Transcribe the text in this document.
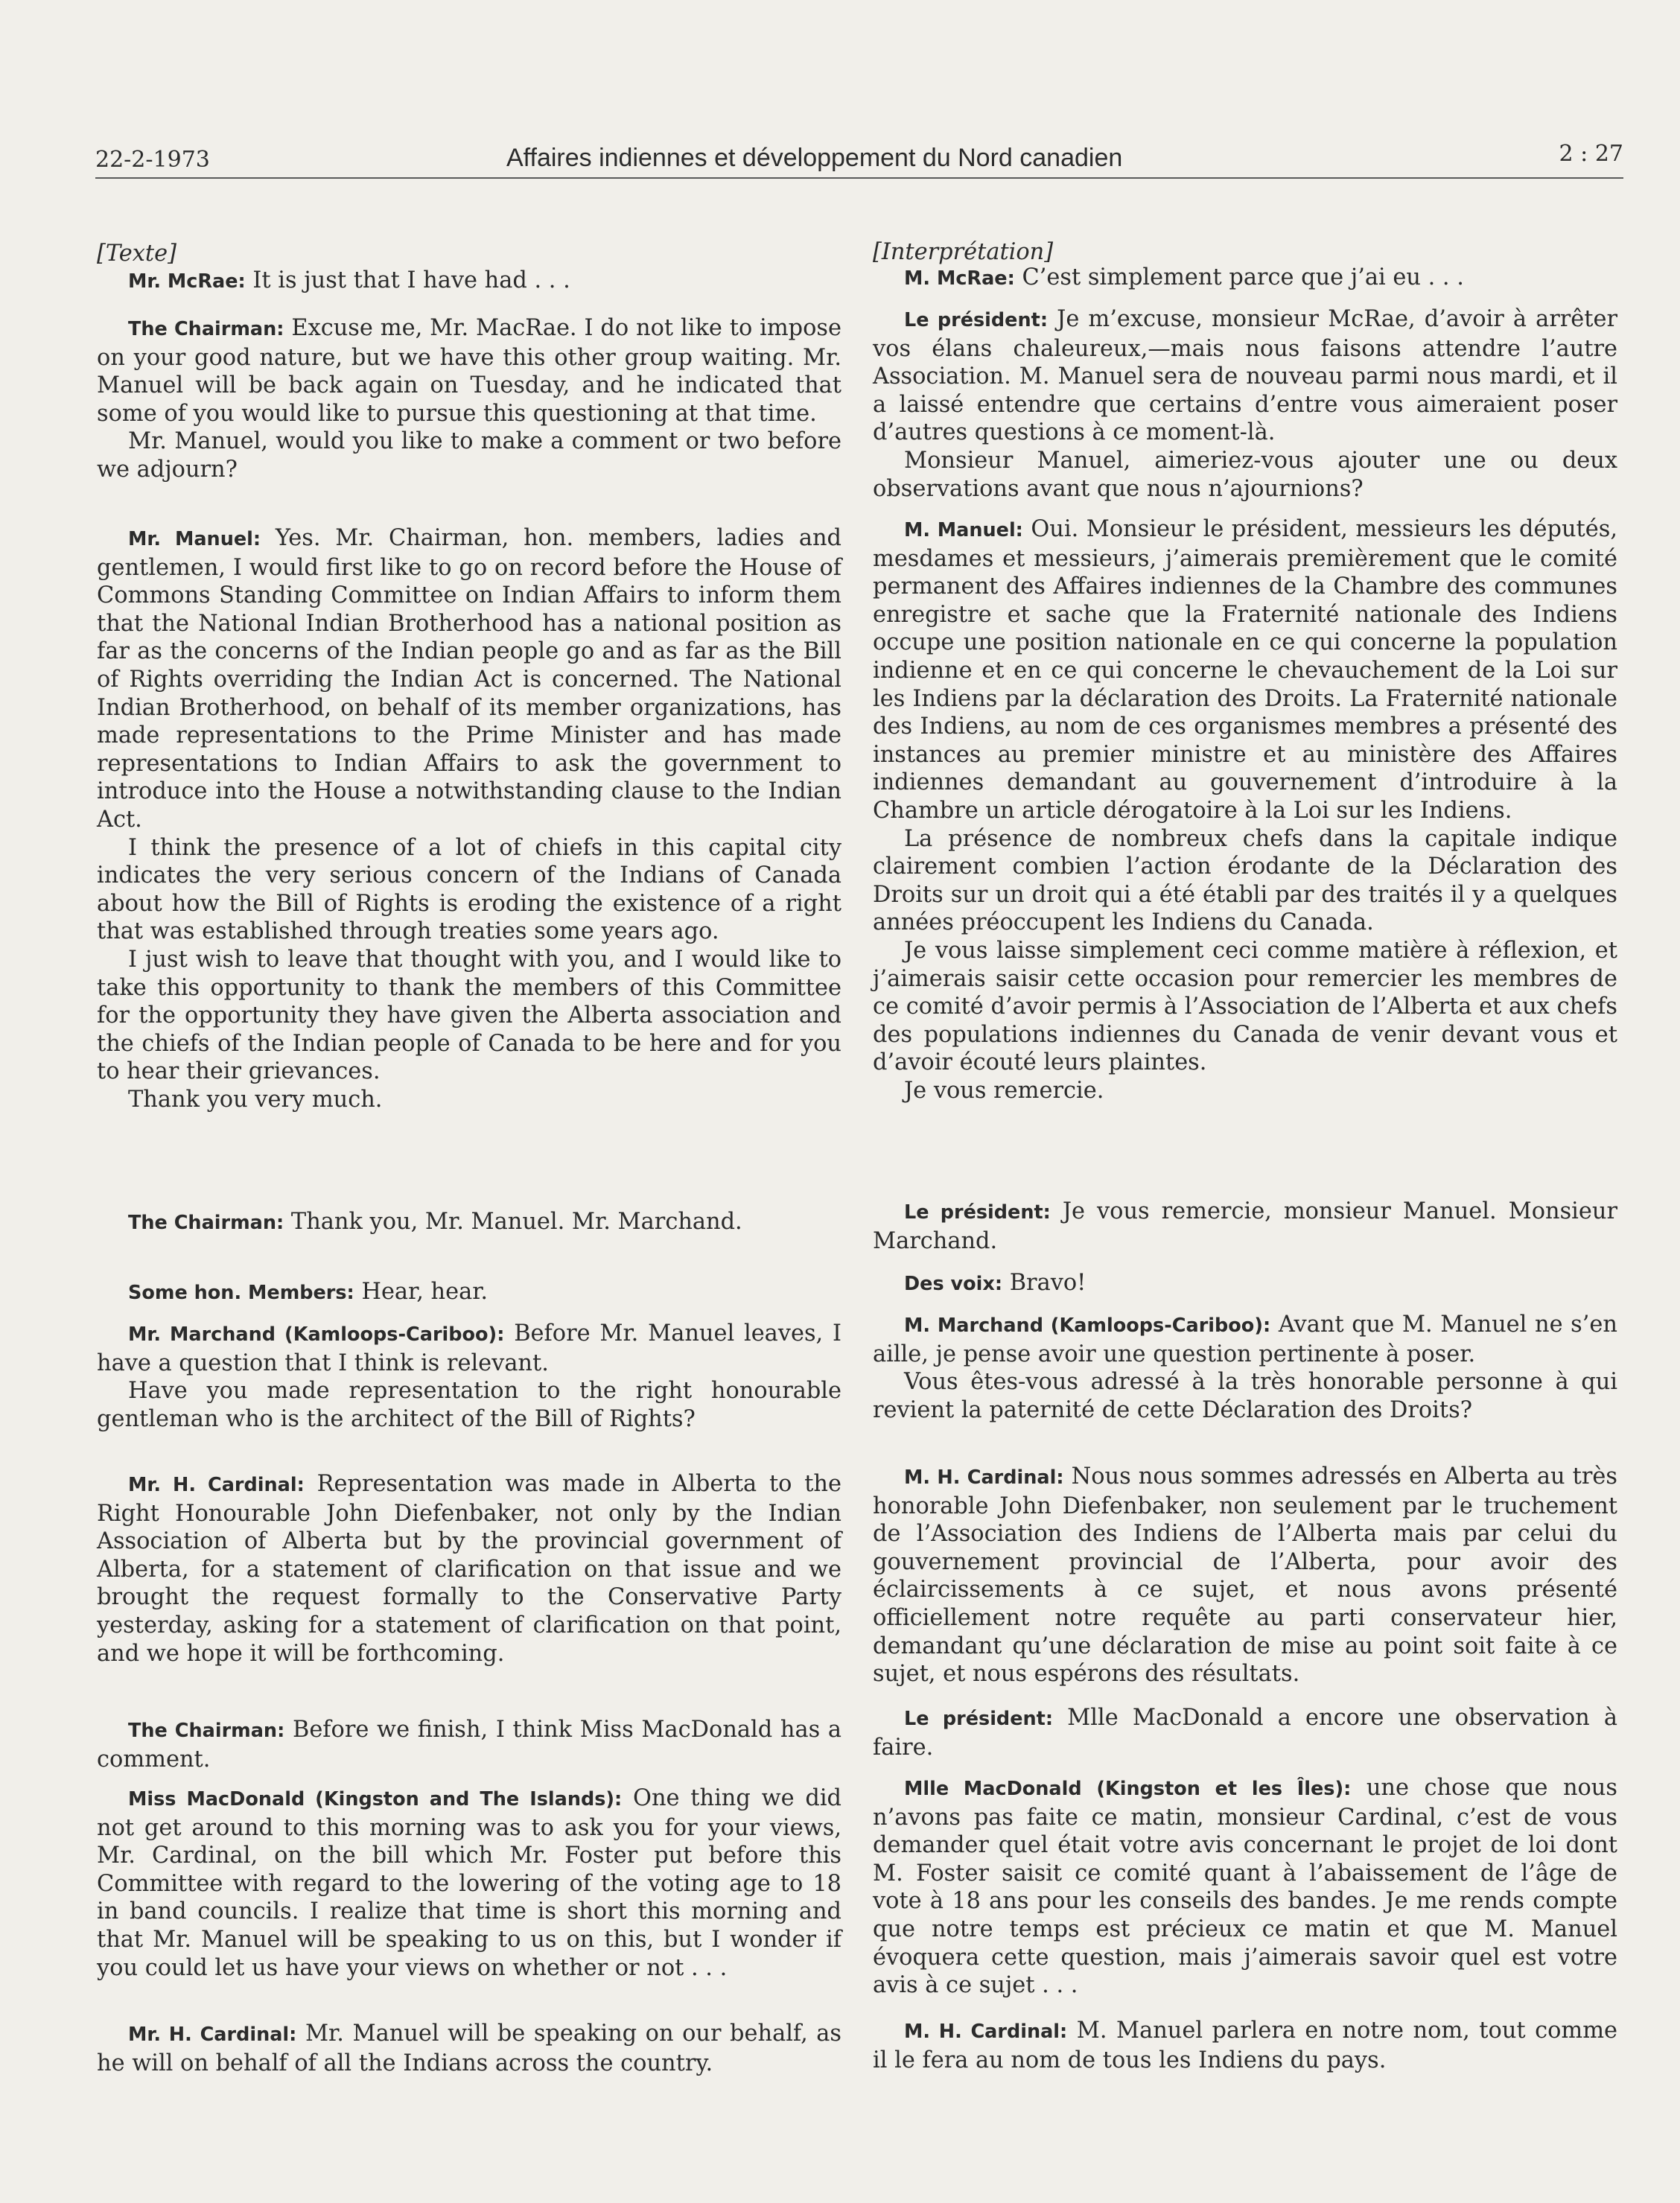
22-2-1973	Affaires indiennes et développement du Nord canadien	2 : 27

[Texte]

Mr. McRae: It is just that I have had . . .

The Chairman: Excuse me, Mr. MacRae. I do not like to impose on your good nature, but we have this other group waiting. Mr. Manuel will be back again on Tuesday, and he indicated that some of you would like to pursue this questioning at that time.

Mr. Manuel, would you like to make a comment or two before we adjourn?

Mr. Manuel: Yes. Mr. Chairman, hon. members, ladies and gentlemen, I would first like to go on record before the House of Commons Standing Committee on Indian Affairs to inform them that the National Indian Brotherhood has a national position as far as the concerns of the Indian people go and as far as the Bill of Rights overriding the Indian Act is concerned. The National Indian Brotherhood, on behalf of its member organizations, has made representations to the Prime Minister and has made representations to Indian Affairs to ask the government to introduce into the House a notwithstanding clause to the Indian Act.

I think the presence of a lot of chiefs in this capital city indicates the very serious concern of the Indians of Canada about how the Bill of Rights is eroding the existence of a right that was established through treaties some years ago.

I just wish to leave that thought with you, and I would like to take this opportunity to thank the members of this Committee for the opportunity they have given the Alberta association and the chiefs of the Indian people of Canada to be here and for you to hear their grievances.

Thank you very much.

The Chairman: Thank you, Mr. Manuel. Mr. Marchand.

Some hon. Members: Hear, hear.

Mr. Marchand (Kamloops-Cariboo): Before Mr. Manuel leaves, I have a question that I think is relevant.

Have you made representation to the right honourable gentleman who is the architect of the Bill of Rights?

Mr. H. Cardinal: Representation was made in Alberta to the Right Honourable John Diefenbaker, not only by the Indian Association of Alberta but by the provincial government of Alberta, for a statement of clarification on that issue and we brought the request formally to the Conservative Party yesterday, asking for a statement of clarification on that point, and we hope it will be forthcoming.

The Chairman: Before we finish, I think Miss MacDonald has a comment.

Miss MacDonald (Kingston and The Islands): One thing we did not get around to this morning was to ask you for your views, Mr. Cardinal, on the bill which Mr. Foster put before this Committee with regard to the lowering of the voting age to 18 in band councils. I realize that time is short this morning and that Mr. Manuel will be speaking to us on this, but I wonder if you could let us have your views on whether or not . . .

Mr. H. Cardinal: Mr. Manuel will be speaking on our behalf, as he will on behalf of all the Indians across the country.

[Interprétation]

M. McRae: C’est simplement parce que j’ai eu . . .

Le président: Je m’excuse, monsieur McRae, d’avoir à arrêter vos élans chaleureux,—mais nous faisons attendre l’autre Association. M. Manuel sera de nouveau parmi nous mardi, et il a laissé entendre que certains d’entre vous aimeraient poser d’autres questions à ce moment-là.

Monsieur Manuel, aimeriez-vous ajouter une ou deux observations avant que nous n’ajournions?

M. Manuel: Oui. Monsieur le président, messieurs les députés, mesdames et messieurs, j’aimerais premièrement que le comité permanent des Affaires indiennes de la Chambre des communes enregistre et sache que la Fraternité nationale des Indiens occupe une position nationale en ce qui concerne la population indienne et en ce qui concerne le chevauchement de la Loi sur les Indiens par la déclaration des Droits. La Fraternité nationale des Indiens, au nom de ces organismes membres a présenté des instances au premier ministre et au ministère des Affaires indiennes demandant au gouvernement d’introduire à la Chambre un article dérogatoire à la Loi sur les Indiens.

La présence de nombreux chefs dans la capitale indique clairement combien l’action érodante de la Déclaration des Droits sur un droit qui a été établi par des traités il y a quelques années préoccupent les Indiens du Canada.

Je vous laisse simplement ceci comme matière à réflexion, et j’aimerais saisir cette occasion pour remercier les membres de ce comité d’avoir permis à l’Association de l’Alberta et aux chefs des populations indiennes du Canada de venir devant vous et d’avoir écouté leurs plaintes.

Je vous remercie.

Le président: Je vous remercie, monsieur Manuel. Monsieur Marchand.

Des voix: Bravo!

M. Marchand (Kamloops-Cariboo): Avant que M. Manuel ne s’en aille, je pense avoir une question pertinente à poser.

Vous êtes-vous adressé à la très honorable personne à qui revient la paternité de cette Déclaration des Droits?

M. H. Cardinal: Nous nous sommes adressés en Alberta au très honorable John Diefenbaker, non seulement par le truchement de l’Association des Indiens de l’Alberta mais par celui du gouvernement provincial de l’Alberta, pour avoir des éclaircissements à ce sujet, et nous avons présenté officiellement notre requête au parti conservateur hier, demandant qu’une déclaration de mise au point soit faite à ce sujet, et nous espérons des résultats.

Le président: Mlle MacDonald a encore une observation à faire.

Mlle MacDonald (Kingston et les Îles): une chose que nous n’avons pas faite ce matin, monsieur Cardinal, c’est de vous demander quel était votre avis concernant le projet de loi dont M. Foster saisit ce comité quant à l’abaissement de l’âge de vote à 18 ans pour les conseils des bandes. Je me rends compte que notre temps est précieux ce matin et que M. Manuel évoquera cette question, mais j’aimerais savoir quel est votre avis à ce sujet . . .

M. H. Cardinal: M. Manuel parlera en notre nom, tout comme il le fera au nom de tous les Indiens du pays.
